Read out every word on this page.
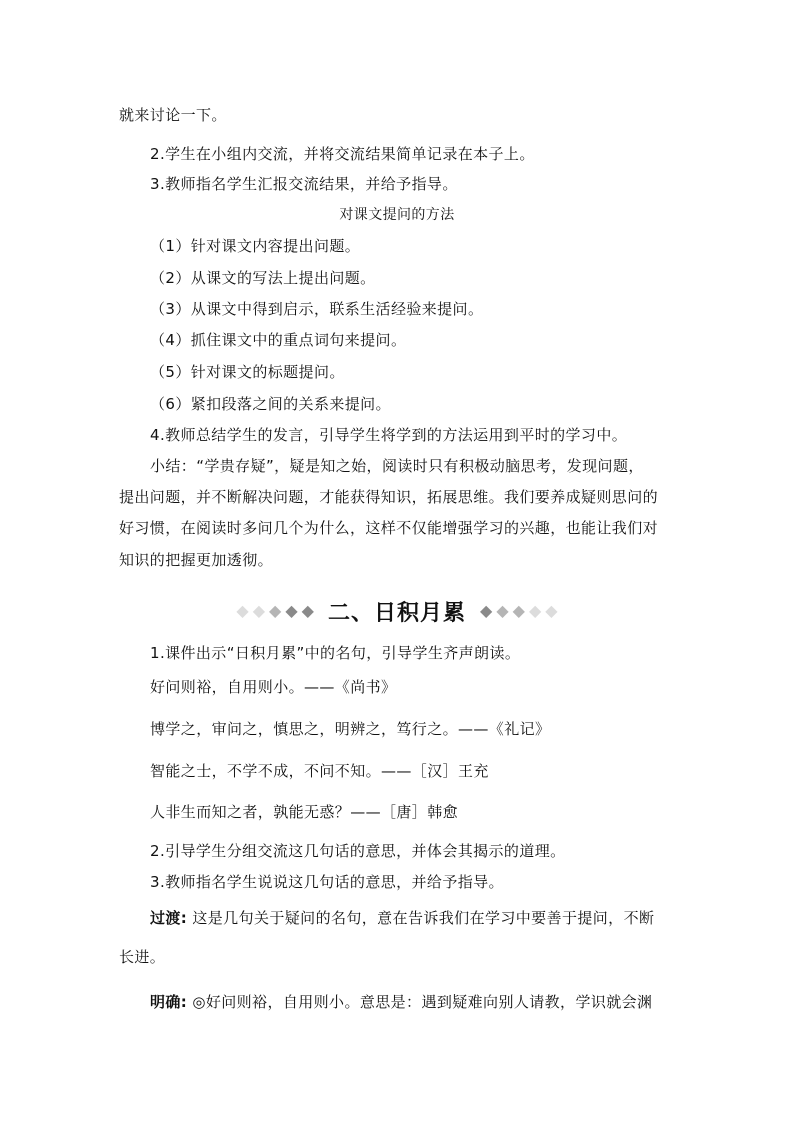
就来讨论一下。
2.学生在小组内交流，并将交流结果简单记录在本子上。
3.教师指名学生汇报交流结果，并给予指导。
对课文提问的方法
（1）针对课文内容提出问题。
（2）从课文的写法上提出问题。
（3）从课文中得到启示，联系生活经验来提问。
（4）抓住课文中的重点词句来提问。
（5）针对课文的标题提问。
（6）紧扣段落之间的关系来提问。
4.教师总结学生的发言，引导学生将学到的方法运用到平时的学习中。
小结：“学贵存疑”，疑是知之始，阅读时只有积极动脑思考，发现问题，
提出问题，并不断解决问题，才能获得知识，拓展思维。我们要养成疑则思问的
好习惯，在阅读时多问几个为什么，这样不仅能增强学习的兴趣，也能让我们对
知识的把握更加透彻。
◆ ◆ ◆ ◆ ◆ 二、日积月累 ◆ ◆ ◆ ◆ ◆
1.课件出示“日积月累”中的名句，引导学生齐声朗读。
好问则裕，自用则小。——《尚书》
博学之，审问之，慎思之，明辨之，笃行之。——《礼记》
智能之士，不学不成，不问不知。——［汉］王充
人非生而知之者，孰能无惑？——［唐］韩愈
2.引导学生分组交流这几句话的意思，并体会其揭示的道理。
3.教师指名学生说说这几句话的意思，并给予指导。
过渡: 这是几句关于疑问的名句，意在告诉我们在学习中要善于提问，不断
长进。
明确: ◎好问则裕，自用则小。意思是：遇到疑难向别人请教，学识就会渊
